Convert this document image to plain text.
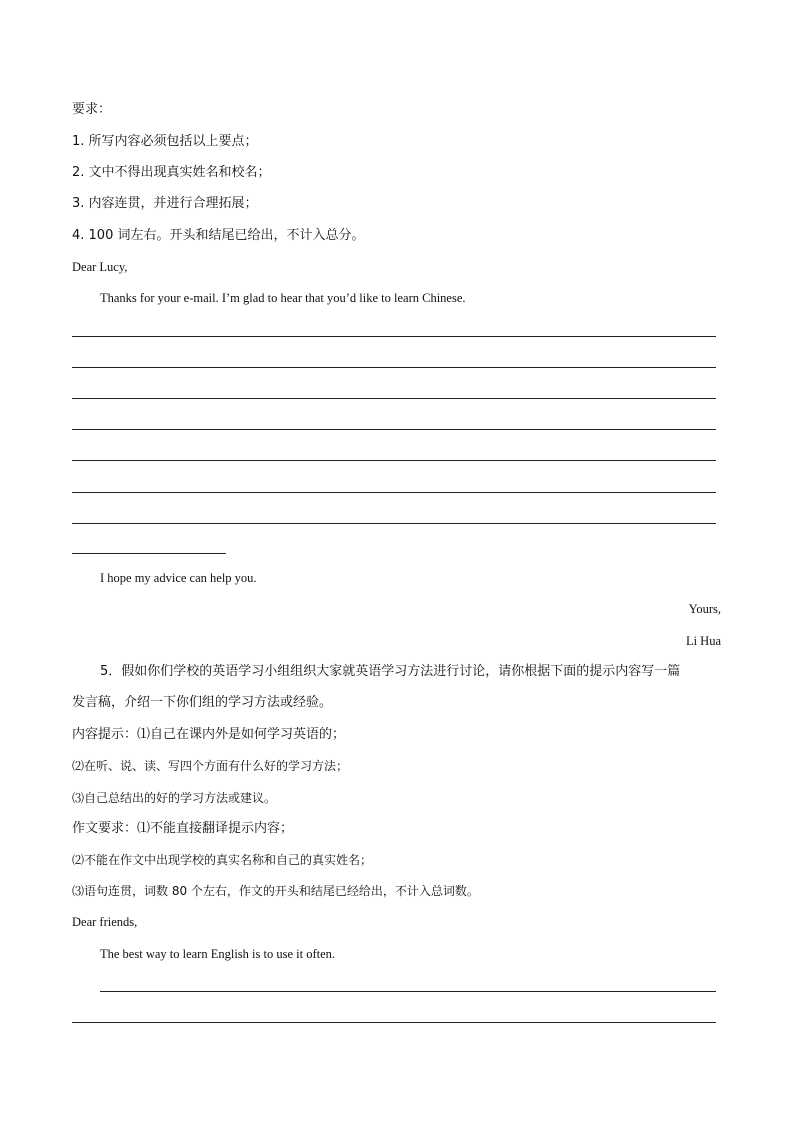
要求：
1. 所写内容必须包括以上要点；
2. 文中不得出现真实姓名和校名；
3. 内容连贯，并进行合理拓展；
4. 100 词左右。开头和结尾已给出，不计入总分。
Dear Lucy,
Thanks for your e-mail. I’m glad to hear that you’d like to learn Chinese.
I hope my advice can help you.
Yours,
Li Hua
5．假如你们学校的英语学习小组组织大家就英语学习方法进行讨论，请你根据下面的提示内容写一篇
发言稿，介绍一下你们组的学习方法或经验。
内容提示：⑴自己在课内外是如何学习英语的；
⑵在听、说、读、写四个方面有什么好的学习方法；
⑶自己总结出的好的学习方法或建议。
作文要求：⑴不能直接翻译提示内容；
⑵不能在作文中出现学校的真实名称和自己的真实姓名；
⑶语句连贯，词数 80 个左右，作文的开头和结尾已经给出，不计入总词数。
Dear friends,
The best way to learn English is to use it often.
